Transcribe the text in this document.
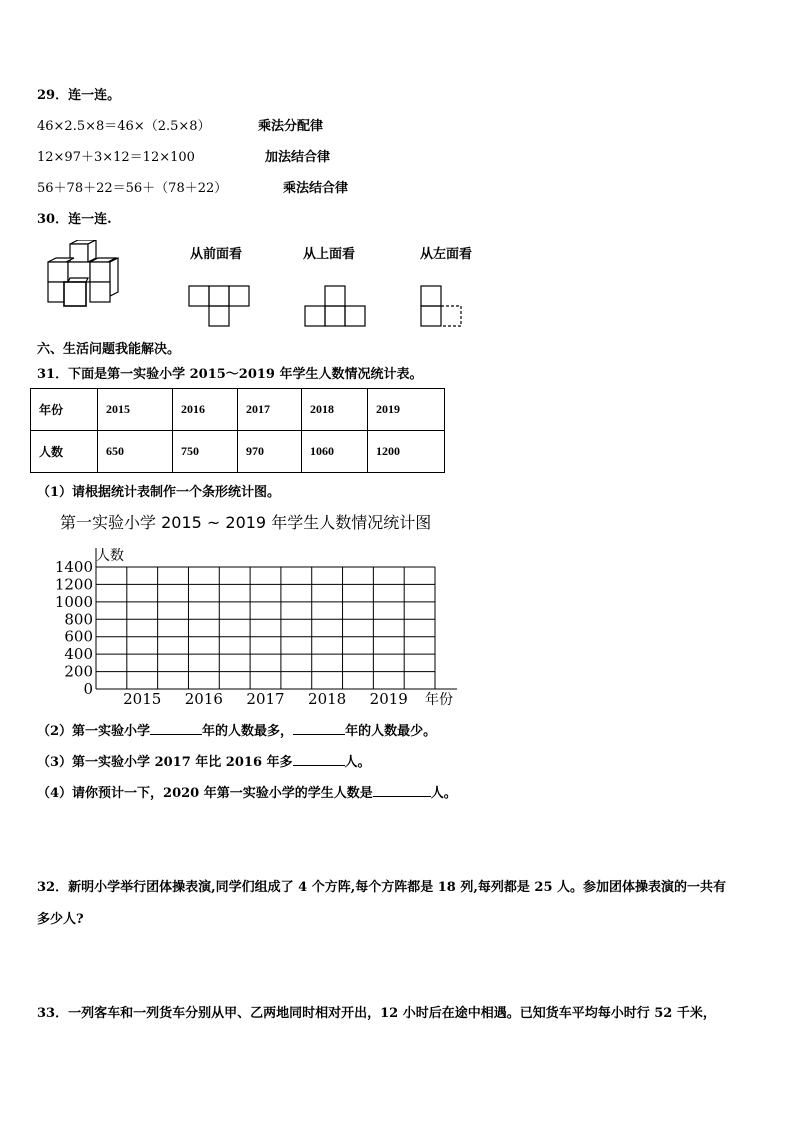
29．连一连。
46×2.5×8＝46×（2.5×8）	乘法分配律
12×97＋3×12＝12×100	加法结合律
56＋78＋22＝56＋（78＋22）	乘法结合律
30．连一连.
从前面看	从上面看	从左面看
六、生活问题我能解决。
31．下面是第一实验小学 2015～2019 年学生人数情况统计表。
年份	2015	2016	2017	2018	2019
人数	650	750	970	1060	1200
（1）请根据统计表制作一个条形统计图。
第一实验小学 2015 ~ 2019 年学生人数情况统计图
0
200
400
600
800
1000
1200
1400
2015 2016 2017 2018 2019
人数
年份
（2）第一实验小学	年的人数最多，	年的人数最少。
（3）第一实验小学 2017 年比 2016 年多	人。
（4）请你预计一下，2020 年第一实验小学的学生人数是	人。
32．新明小学举行团体操表演,同学们组成了 4 个方阵,每个方阵都是 18 列,每列都是 25 人。参加团体操表演的一共有
多少人?
33．一列客车和一列货车分别从甲、乙两地同时相对开出，12 小时后在途中相遇。已知货车平均每小时行 52 千米，
